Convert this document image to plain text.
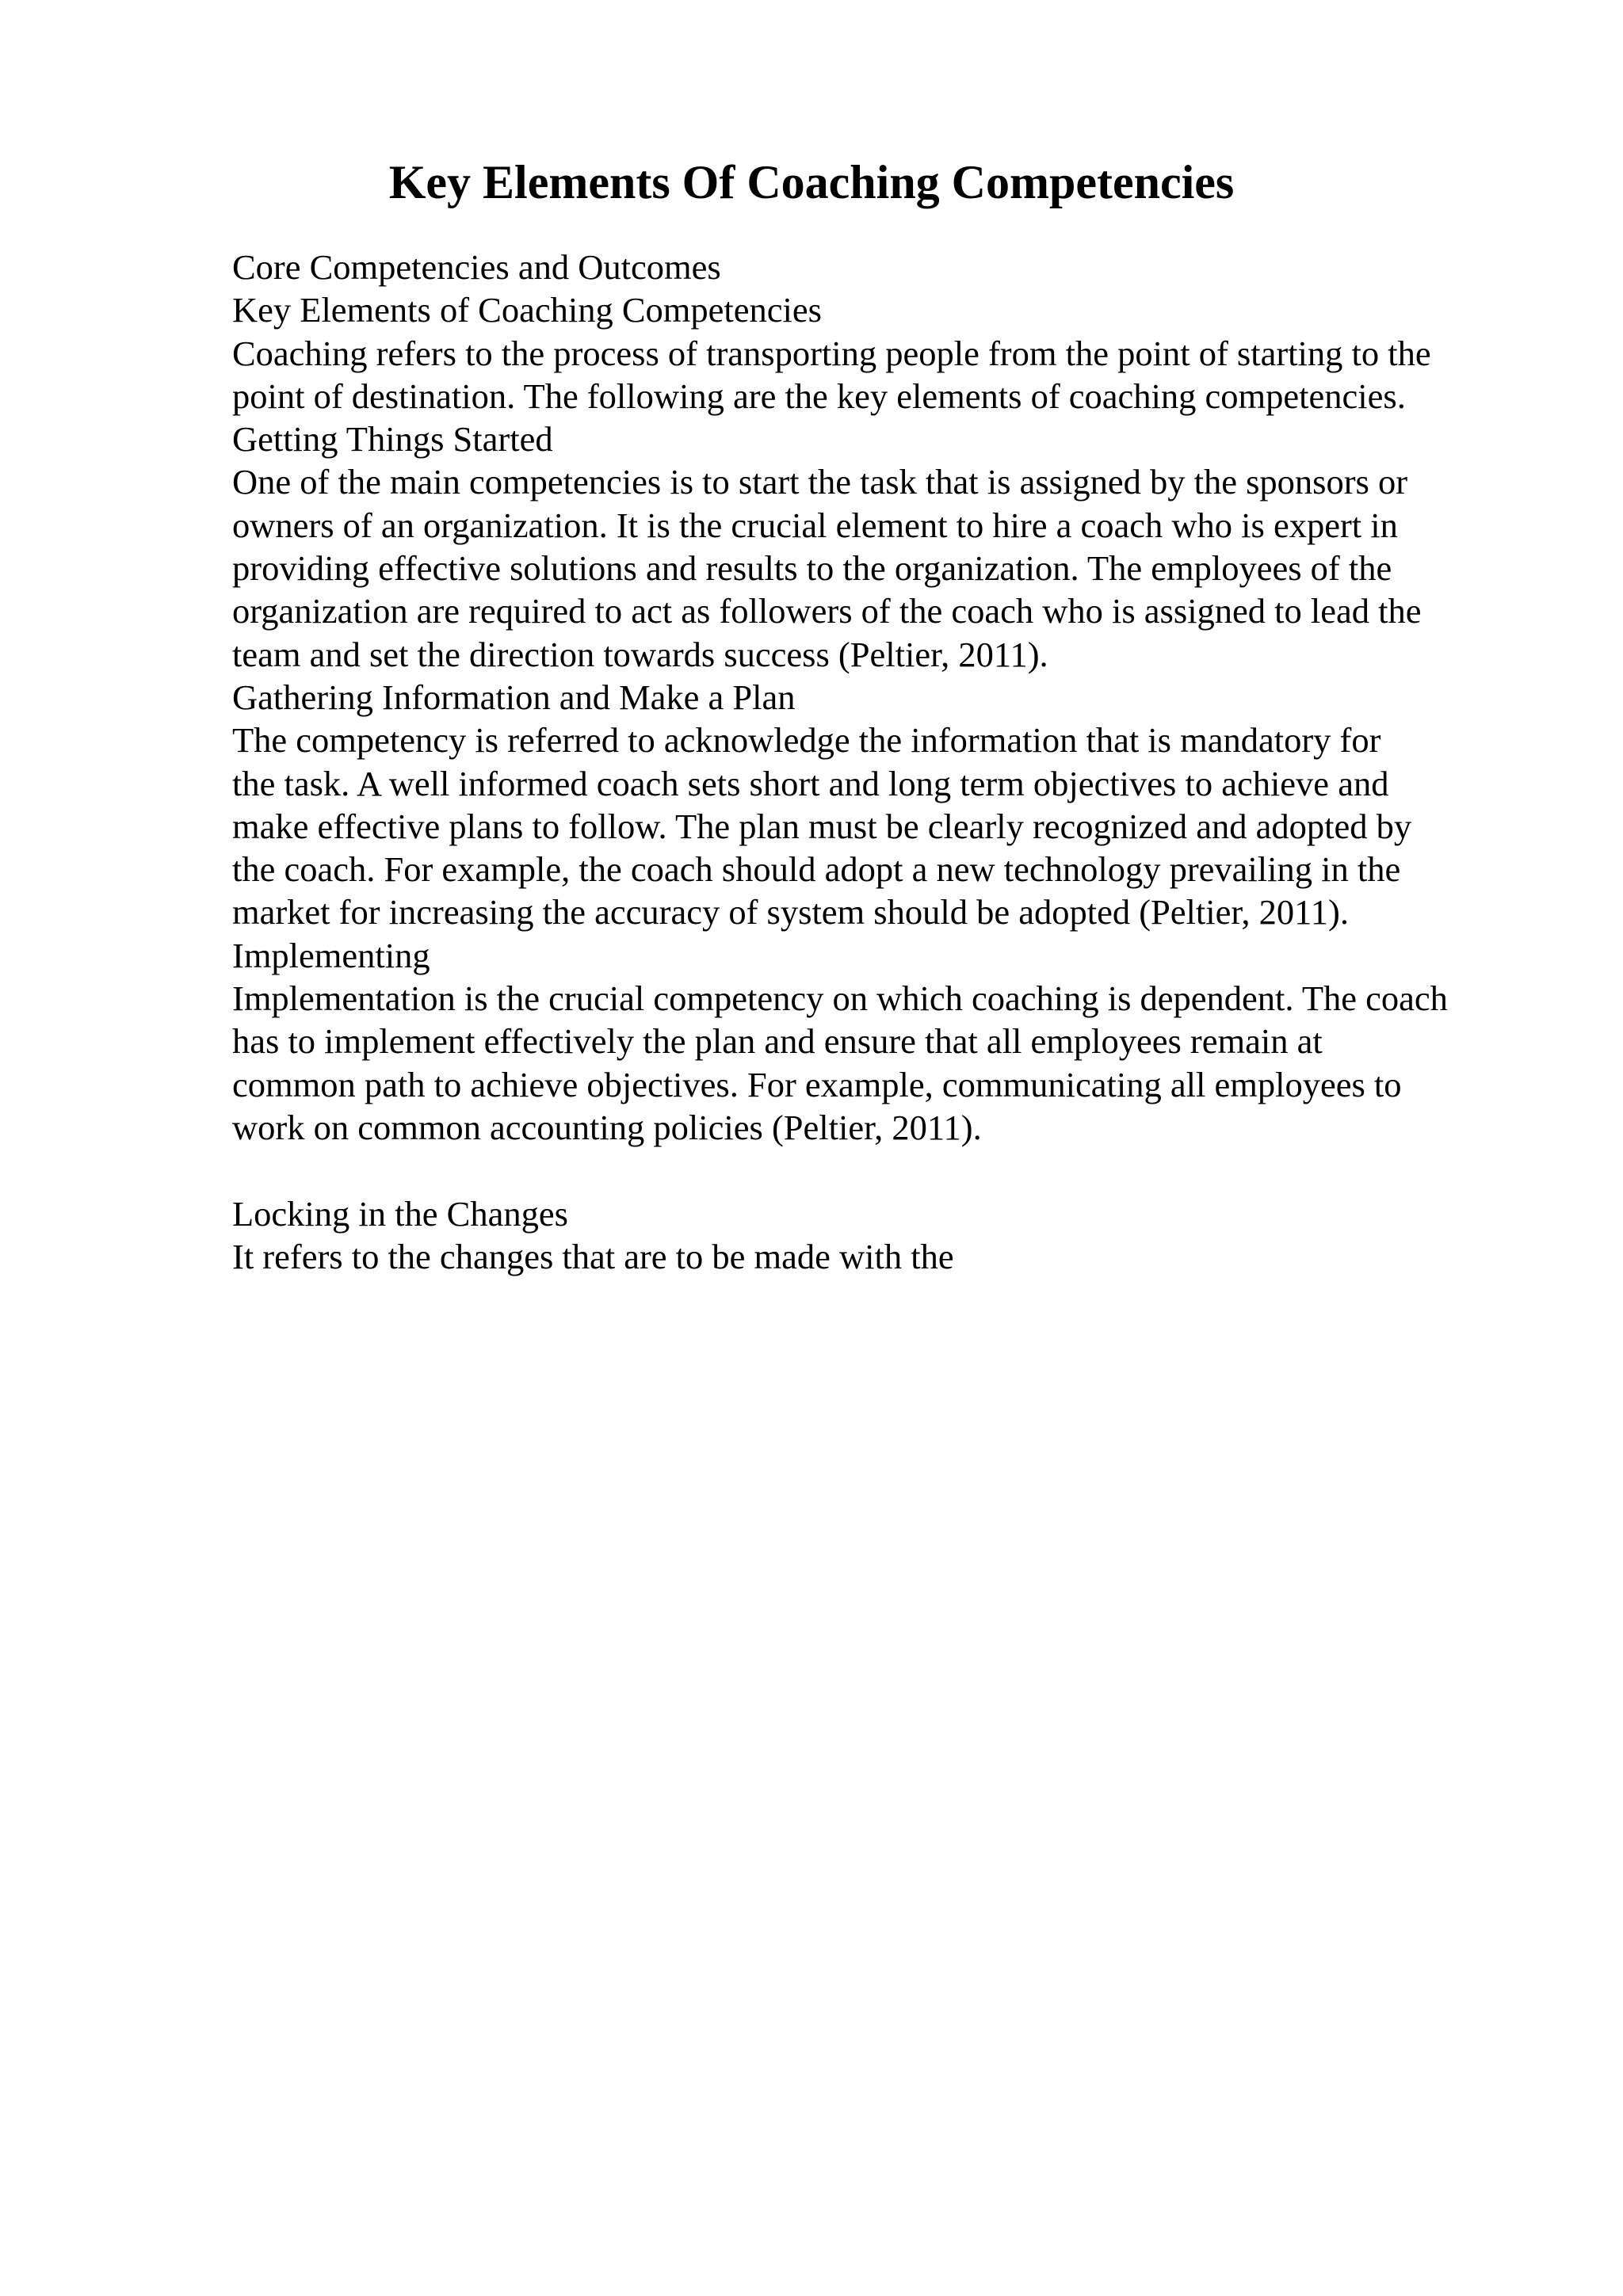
Key Elements Of Coaching Competencies
Core Competencies and Outcomes
Key Elements of Coaching Competencies
Coaching refers to the process of transporting people from the point of starting to the
point of destination. The following are the key elements of coaching competencies.
Getting Things Started
One of the main competencies is to start the task that is assigned by the sponsors or
owners of an organization. It is the crucial element to hire a coach who is expert in
providing effective solutions and results to the organization. The employees of the
organization are required to act as followers of the coach who is assigned to lead the
team and set the direction towards success (Peltier, 2011).
Gathering Information and Make a Plan
The competency is referred to acknowledge the information that is mandatory for
the task. A well informed coach sets short and long term objectives to achieve and
make effective plans to follow. The plan must be clearly recognized and adopted by
the coach. For example, the coach should adopt a new technology prevailing in the
market for increasing the accuracy of system should be adopted (Peltier, 2011).
Implementing
Implementation is the crucial competency on which coaching is dependent. The coach
has to implement effectively the plan and ensure that all employees remain at
common path to achieve objectives. For example, communicating all employees to
work on common accounting policies (Peltier, 2011).
Locking in the Changes
It refers to the changes that are to be made with the
